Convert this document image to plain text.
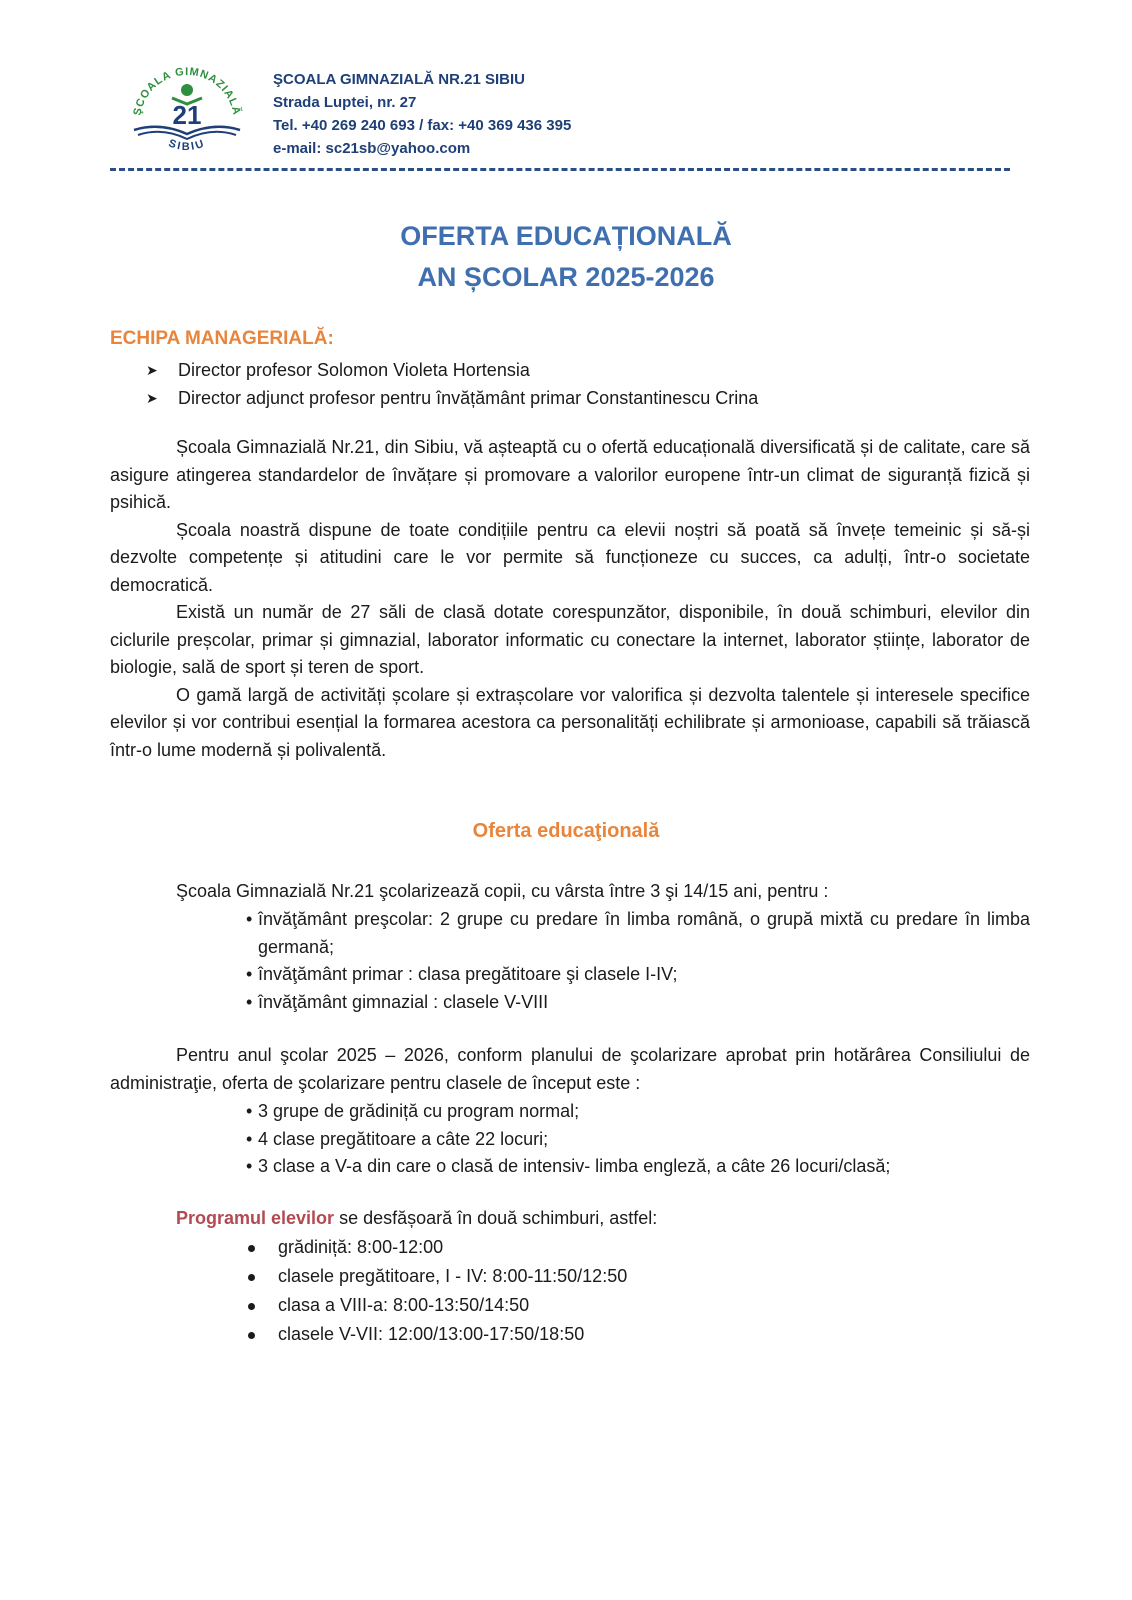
ŞCOALA GIMNAZIALĂ
21
SIBIU
ŞCOALA GIMNAZIALĂ NR.21 SIBIU
Strada Luptei, nr. 27
Tel. +40 269 240 693 / fax: +40 369 436 395
e-mail: sc21sb@yahoo.com
OFERTA EDUCAȚIONALĂ
AN ȘCOLAR 2025-2026
ECHIPA MANAGERIALĂ:
➤ Director profesor Solomon Violeta Hortensia
➤ Director adjunct profesor pentru învățământ primar Constantinescu Crina

Școala Gimnazială Nr.21, din Sibiu, vă așteaptă cu o ofertă educațională diversificată și de calitate, care să asigure atingerea standardelor de învățare și promovare a valorilor europene într-un climat de siguranță fizică și psihică.

Școala noastră dispune de toate condițiile pentru ca elevii noștri să poată să învețe temeinic și să-și dezvolte competențe și atitudini care le vor permite să funcționeze cu succes, ca adulți, într-o societate democratică.

Există un număr de 27 săli de clasă dotate corespunzător, disponibile, în două schimburi, elevilor din ciclurile preșcolar, primar și gimnazial, laborator informatic cu conectare la internet, laborator științe, laborator de biologie, sală de sport și teren de sport.

O gamă largă de activități școlare și extrașcolare vor valorifica și dezvolta talentele și interesele specifice elevilor și vor contribui esențial la formarea acestora ca personalități echilibrate și armonioase, capabili să trăiască într-o lume modernă și polivalentă.

Oferta educaţională

Şcoala Gimnazială Nr.21 şcolarizează copii, cu vârsta între 3 şi 14/15 ani, pentru :

• învăţământ preşcolar: 2 grupe cu predare în limba română, o grupă mixtă cu predare în limba germană;
• învăţământ primar : clasa pregătitoare şi clasele I-IV;
• învăţământ gimnazial : clasele V-VIII

Pentru anul şcolar 2025 – 2026, conform planului de şcolarizare aprobat prin hotărârea Consiliului de administraţie, oferta de şcolarizare pentru clasele de început este :

• 3 grupe de grădiniță cu program normal;
• 4 clase pregătitoare a câte 22 locuri;
• 3 clase a V-a din care o clasă de intensiv- limba engleză, a câte 26 locuri/clasă;
Programul elevilor se desfășoară în două schimburi, astfel:
grădiniță: 8:00-12:00
clasele pregătitoare, I - IV: 8:00-11:50/12:50
clasa a VIII-a: 8:00-13:50/14:50
clasele V-VII: 12:00/13:00-17:50/18:50
